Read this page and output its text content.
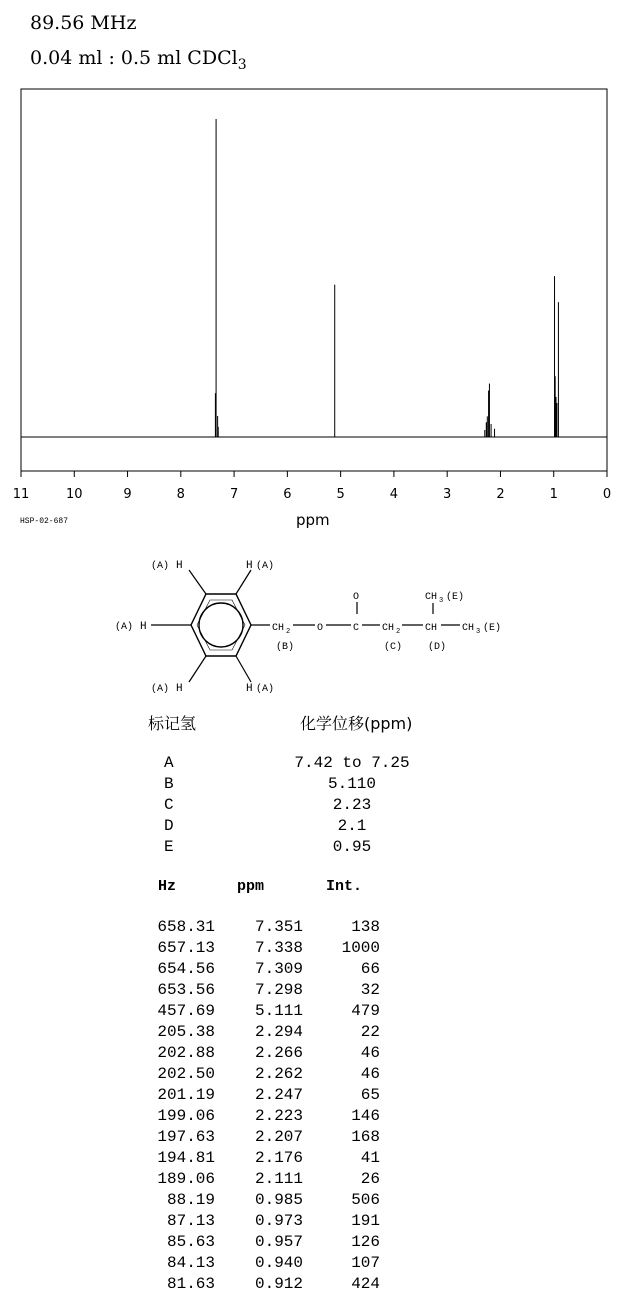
89.56 MHz
0.04 ml : 0.5 ml CDCl$_3$
11	10	9	8	7	6	5	4	3	2	1	0
ppm
HSP-02-687
(A) H	H (A)
(A) H
(A) H	H (A)
CH 2
(B)
O	C
O
CH 2
(C)
CH
(D)
CH 3 (E)
CH 3 (E)
标记氢	化学位移(ppm)
A	7.42 to 7.25
B	5.110
C	2.23
D	2.1
E	0.95
Hz	ppm	Int.
658.31	7.351	138
657.13	7.338	1000
654.56	7.309	66
653.56	7.298	32
457.69	5.111	479
205.38	2.294	22
202.88	2.266	46
202.50	2.262	46
201.19	2.247	65
199.06	2.223	146
197.63	2.207	168
194.81	2.176	41
189.06	2.111	26
88.19	0.985	506
87.13	0.973	191
85.63	0.957	126
84.13	0.940	107
81.63	0.912	424
